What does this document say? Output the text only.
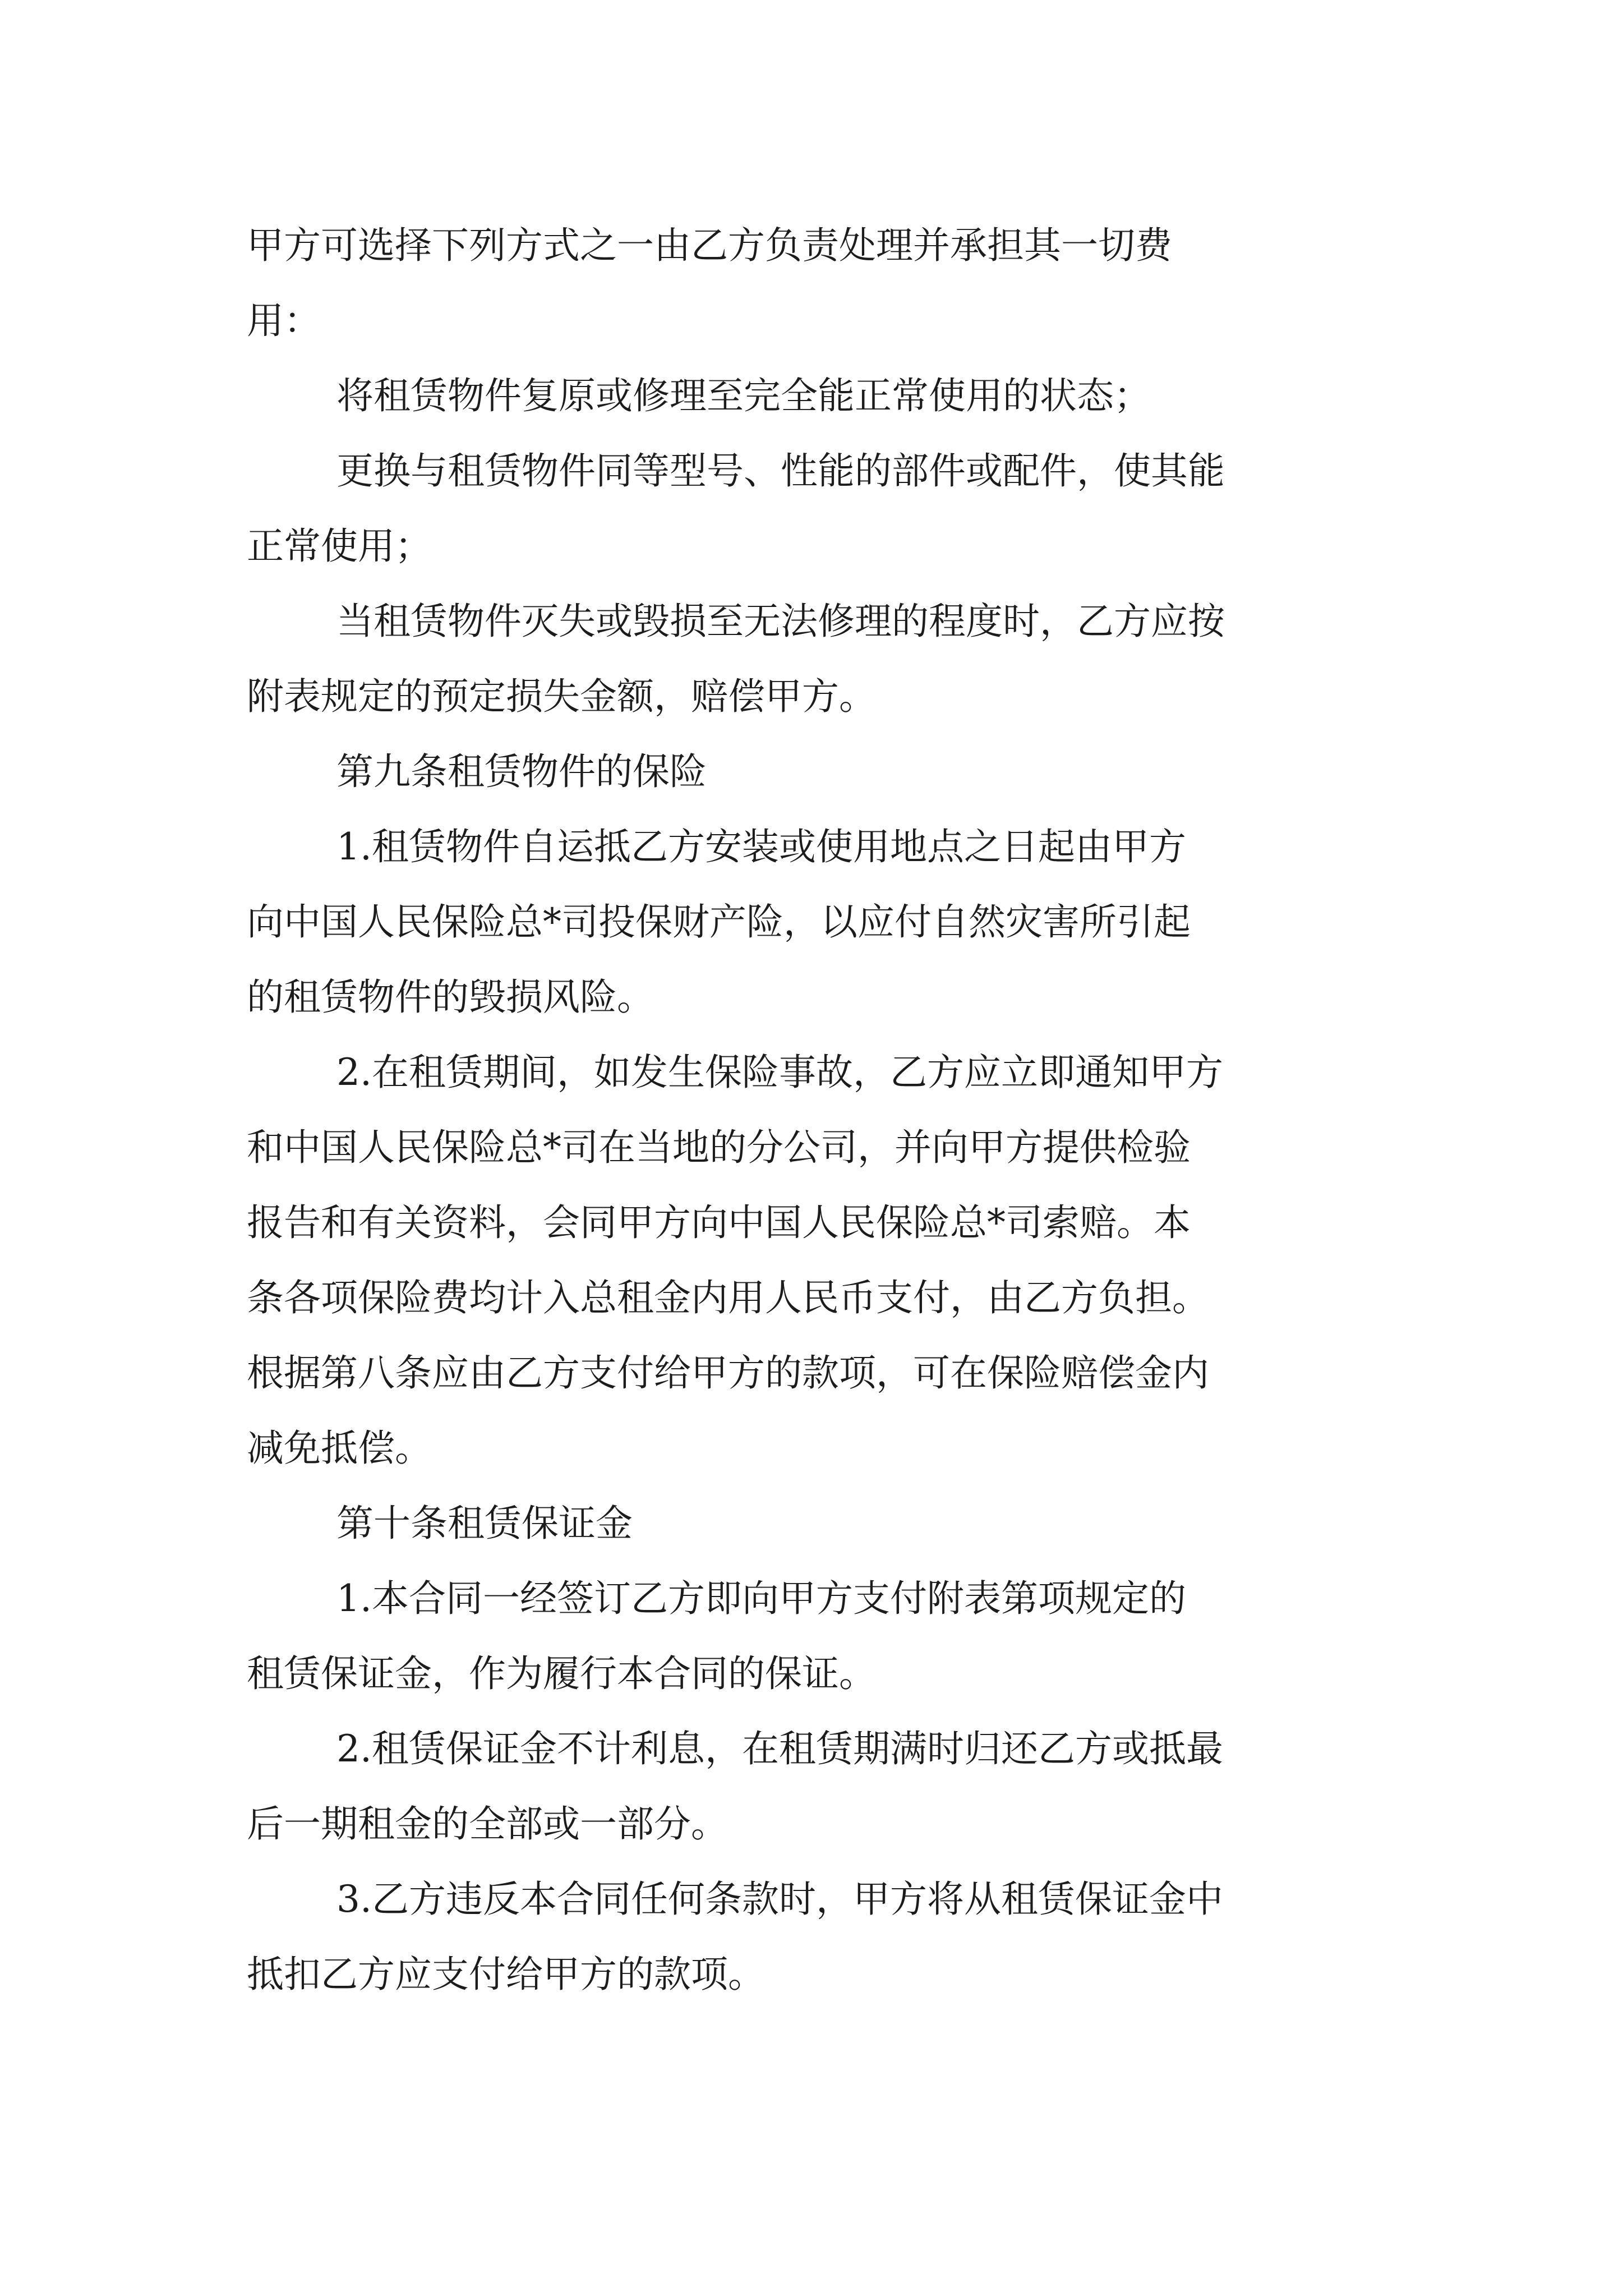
甲方可选择下列方式之一由乙方负责处理并承担其一切费
用：
将租赁物件复原或修理至完全能正常使用的状态；
更换与租赁物件同等型号、性能的部件或配件，使其能
正常使用；
当租赁物件灭失或毁损至无法修理的程度时，乙方应按
附表规定的预定损失金额，赔偿甲方。
第九条租赁物件的保险
1.租赁物件自运抵乙方安装或使用地点之日起由甲方
向中国人民保险总*司投保财产险，以应付自然灾害所引起
的租赁物件的毁损风险。
2.在租赁期间，如发生保险事故，乙方应立即通知甲方
和中国人民保险总*司在当地的分公司，并向甲方提供检验
报告和有关资料，会同甲方向中国人民保险总*司索赔。本
条各项保险费均计入总租金内用人民币支付，由乙方负担。
根据第八条应由乙方支付给甲方的款项，可在保险赔偿金内
减免抵偿。
第十条租赁保证金
1.本合同一经签订乙方即向甲方支付附表第项规定的
租赁保证金，作为履行本合同的保证。
2.租赁保证金不计利息，在租赁期满时归还乙方或抵最
后一期租金的全部或一部分。
3.乙方违反本合同任何条款时，甲方将从租赁保证金中
抵扣乙方应支付给甲方的款项。
